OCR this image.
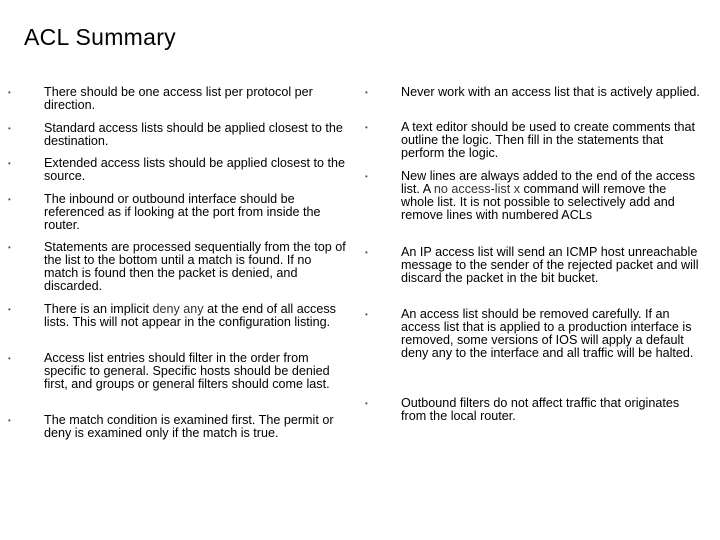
ACL Summary
•	There should be one access list per protocol per direction.
•	Standard access lists should be applied closest to the destination.
•	Extended access lists should be applied closest to the source.
•	The inbound or outbound interface should be referenced as if looking at the port from inside the router.
•	Statements are processed sequentially from the top of the list to the bottom until a match is found. If no match is found then the packet is denied, and discarded.
•	There is an implicit deny any at the end of all access lists. This will not appear in the configuration listing.
•	Access list entries should filter in the order from specific to general. Specific hosts should be denied first, and groups or general filters should come last.
•	The match condition is examined first. The permit or deny is examined only if the match is true.
•	Never work with an access list that is actively applied.
•	A text editor should be used to create comments that outline the logic. Then fill in the statements that perform the logic.
•	New lines are always added to the end of the access list. A no access-list x command will remove the whole list. It is not possible to selectively add and remove lines with numbered ACLs
•	An IP access list will send an ICMP host unreachable message to the sender of the rejected packet and will discard the packet in the bit bucket.
•	An access list should be removed carefully. If an access list that is applied to a production interface is removed, some versions of IOS will apply a default deny any to the interface and all traffic will be halted.
•	Outbound filters do not affect traffic that originates from the local router.
